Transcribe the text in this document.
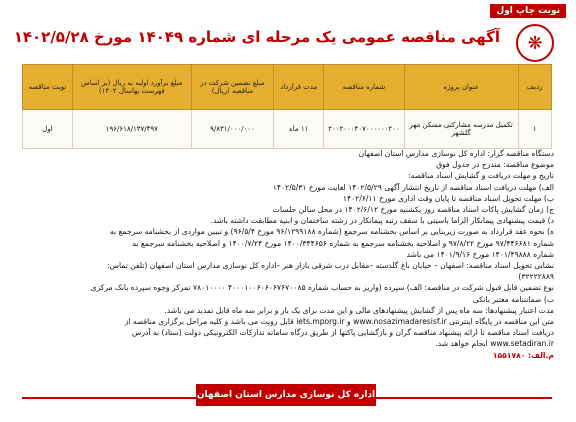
نوبت چاپ اول
❋
آگهی مناقصه عمومی یک مرحله ای شماره ۱۴۰۴۹ مورخ ۱۴۰۲/۵/۲۸
ردیف	عنوان پروژه	شماره مناقصه	مدت قرارداد	مبلغ تضمین شرکت در مناقصه (ریال)	مبلغ برآورد اولیه به ریال (بر اساس فهرست بهاسال ۱۴۰۲)	نوبت مناقصه
۱	تکمیل مدرسه مشارکتی مسکن مهر گلشهر	۲۰۰۲۰۰۰۴۰۷۰۰۰۰۰۰۲۰۰	۱۱ ماه	۹/۸۳۱/۰۰۰/۰۰۰	۱۹۶/۶۱۸/۱۳۷/۴۹۷	اول

دستگاه مناقصه گزار: اداره کل نوسازی مدارس استان اصفهان

موضوع مناقصه: مندرج در جدول فوق

تاریخ و مهلت دریافت و گشایش اسناد مناقصه:

الف) مهلت دریافت اسناد مناقصه از تاریخ انتشار آگهی ۱۴۰۲/۵/۲۹ لغایت مورخ ۱۴۰۲/۵/۳۱

ب) مهلت تحویل اسناد مناقصه تا پایان وقت اداری مورخ ۱۴۰۲/۶/۱۱

ج) زمان گشایش پاکات اسناد مناقصه روز یکشنبه مورخ ۱۴۰۲/۶/۱۲ در محل سالن جلسات

د) قیمت پیشنهادی پیمانکار الزاما باسیتی با سقف رتبه پیمانکار در رشته ساختمان و ابنیه مطابقت داشته باشد.

ه) نحوه عقد قرارداد به صورت زیربنایی بر اساس بخشنامه سرجمع (شماره ۹۶/۱۲۹۹۱۸۸ مورخ ۹۶/۵/۴) و تبیین مواردی از بخشنامه سرجمع به

شماره ۹۷/۴۴۶۶۸۱ مورخ ۹۷/۸/۲۲ و اصلاحیه بخشنامه سرجمع به شماره ۱۴۰۰/۳۴۴۶۵۶ مورخ ۱۴۰۰/۷/۲۴ و اصلاحیه بخشنامه سرجمع به

شماره ۱۴۰۱/۴۹۸۸۸ مورخ ۱۴۰۱/۹/۱۶ می باشد

نشانی تحویل اسناد مناقصه: اصفهان – خیابان باغ گلدسته –مقابل درب شرقی بازار هنر –اداره کل نوسازی مدارس استان اصفهان (تلفن تماس:

۳۲۲۲۲۸۸۹)

نوع تضمین قابل قبول شرکت در مناقصه: الف) سپرده (واریز به حساب شماره ۴۰۰۰۱۰۰۶۰۶۰۶۷۶۷۰۰۸۵ ۷۸۰۱۰۰۰۰ تمرکز وجوه سپرده بانک مرکزی

ب) ضمانتنامه معتبر بانکی

مدت اعتبار پیشنهادها: سه ماه پس از گشایش پیشنهادهای مالی و این مدت برای یک بار و برابر سه ماه قابل تمدید می باشد.

متن این مناقصه در پایگاه اینترنتی www.nosazimadaresisf.ir و iets.mporg.ir قابل رویت می باشد و کلیه مراحل برگزاری مناقصه از

دریافت اسناد مناقصه تا ارائه پیشنهاد مناقصه گران و بازگشایی پاکتها از طریق درگاه سامانه تدارکات الکترونیکی دولت (ستاد) به آدرس

www.setadiran.ir انجام خواهد شد.

م.الف: ۱۵۵۱۷۸۰

اداره کل نوسازی مدارس استان اصفهان
